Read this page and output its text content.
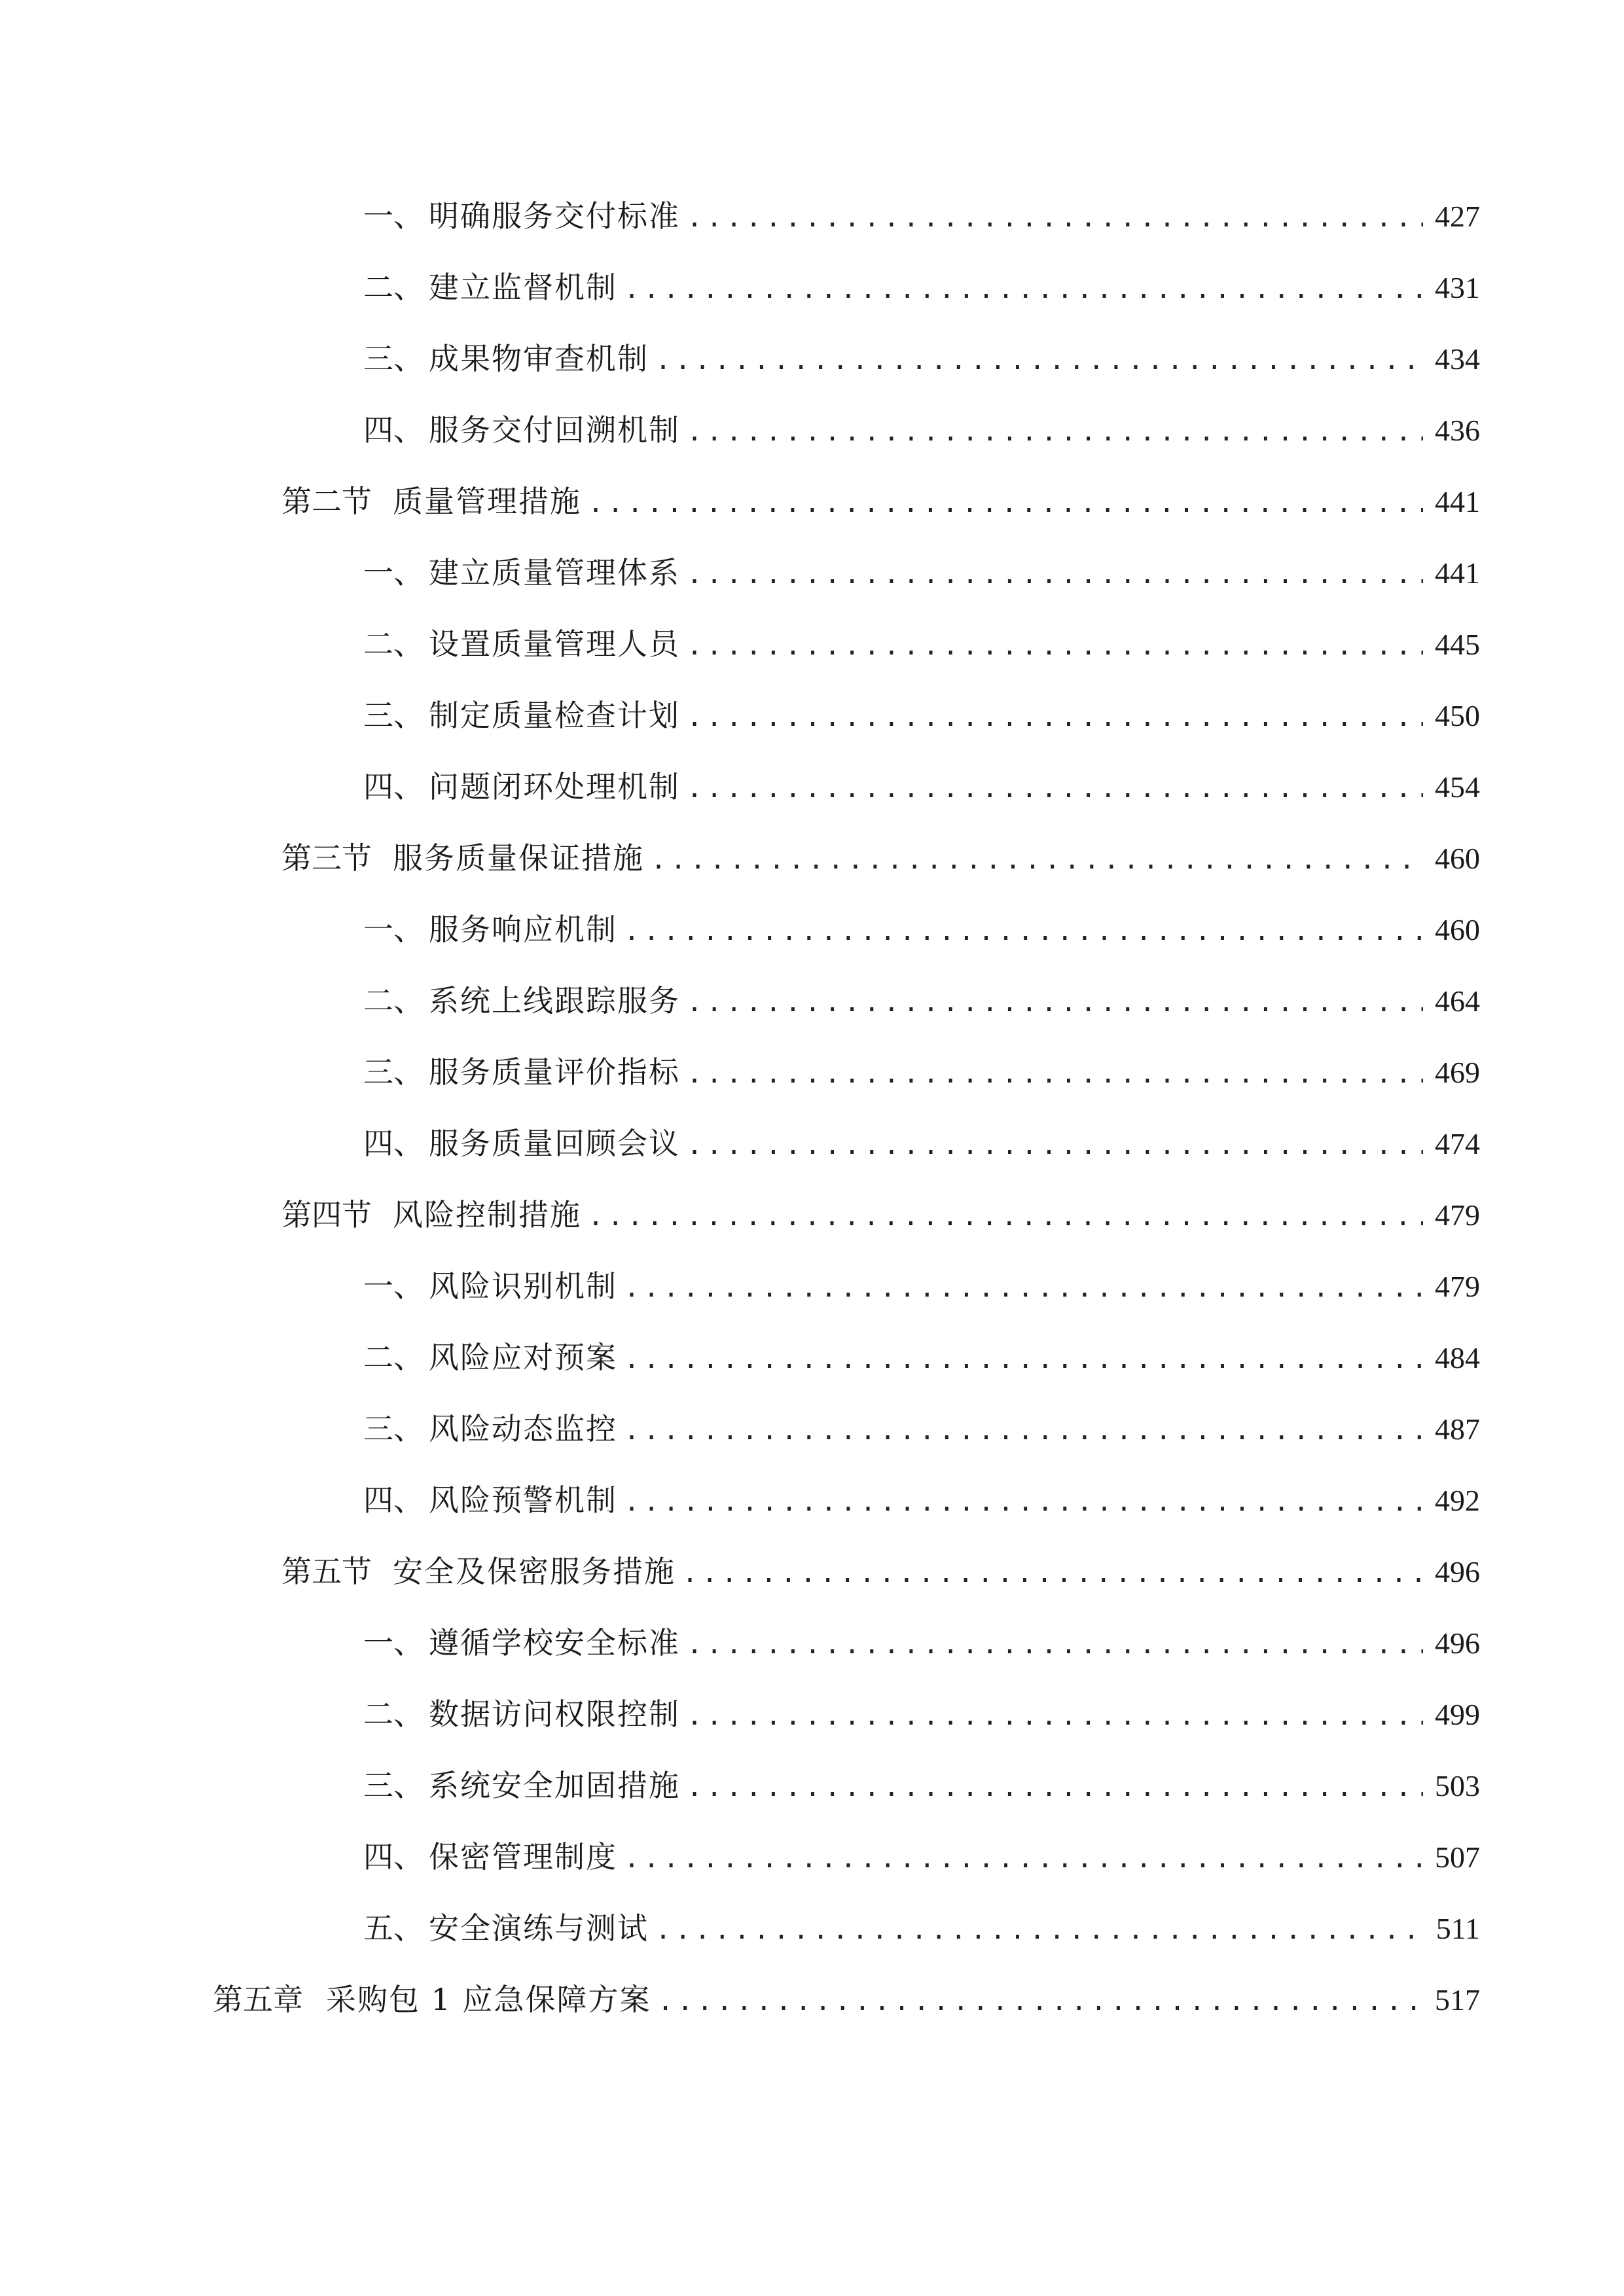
一、 明确服务交付标准 .....	427
二、 建立监督机制 .....	431
三、 成果物审查机制 .....	434
四、 服务交付回溯机制 .....	436
第二节 质量管理措施 .....	441
一、 建立质量管理体系 .....	441
二、 设置质量管理人员 .....	445
三、 制定质量检查计划 .....	450
四、 问题闭环处理机制 .....	454
第三节 服务质量保证措施 .....	460
一、 服务响应机制 .....	460
二、 系统上线跟踪服务 .....	464
三、 服务质量评价指标 .....	469
四、 服务质量回顾会议 .....	474
第四节 风险控制措施 .....	479
一、 风险识别机制 .....	479
二、 风险应对预案 .....	484
三、 风险动态监控 .....	487
四、 风险预警机制 .....	492
第五节 安全及保密服务措施 .....	496
一、 遵循学校安全标准 .....	496
二、 数据访问权限控制 .....	499
三、 系统安全加固措施 .....	503
四、 保密管理制度 .....	507
五、 安全演练与测试 .....	511
第五章 采购包 1 应急保障方案 .....	517
